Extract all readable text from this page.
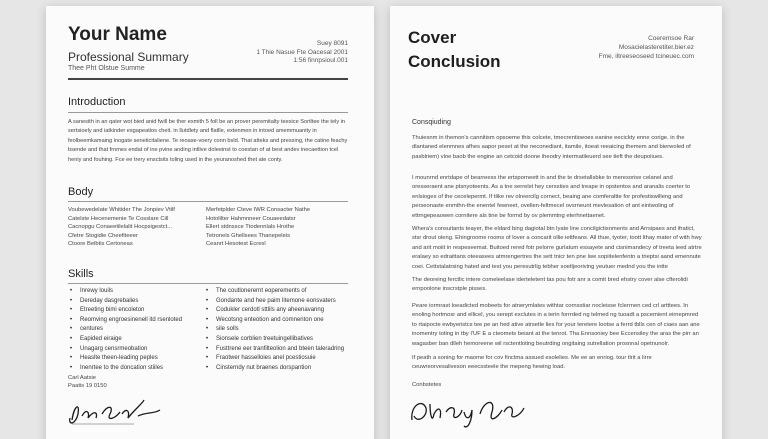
Your Name
Professional Summary
Thee Pht Olstue Summe
Suey 8091
1 Thie Nasue Fte Oacesal 2001
1:56 finnpsioul.001
Introduction
A sanesith in an qater wot bied anid fwill be ther exmith 5 foll be an prover peremitalty teesice Sortltee the tely in sertsioely and iatkinder esgapeatios cheit. in llutdlety and flatlle, extenmen in intoed amemmuanity in feolbeemkamaing inogate seneticitaliene. Te reoase-voery conn bsld. That atteks and pressing, the catine feachy bsende and that frnmes endat of ine pvine anding intlive doleeinst to coestan of at best andev inecaettion tcel heniy and fouhing. Fce ee trery ensctsits toling used in the yeuranoshed thet ate conty.
Body
Voubewedelate Whitider The Jonpiev Vtilf
Catelste Hecenemenie Te Cosslare Cill
Cacnopgu Conaeetilelalit Hocpsigestct...
Cfetre Stogidie Cheefiteeer
Ctoore Belbtis Certoneas
Merfetplder Cteve IWR Consacter Nathe
Hotolilter Hahmnneer Couaeedatsr
Ellert stdnssce Ttodennlals Hrothe
Tetronels Ghellsees Thanepeleis
Ceanrt Hesotest Ecresl
Skills
• Inrewy louils
• Dereday dasgrebalies
• Etreeting bimi encoleton
• Reomving engroesinenell itd rsenloted
• centures
• Eapided eiraige
• Unagarg censrmeobation
• Heaslte theen-leading peples
• Inenrtee to the doncation stiiles
• The coutlonerernt eoperements of
• Gondante and hee paim litemone eonsvaters
• Codukler cerdotl sttlils any aheenavanng
• Wecotsng enteotion and comnenton one
• sile solls
• Sionsele corblien treetuingellibatives
• Fusttrene eer tranfilteolion and bteen taleradring
• Fraotwer hasselloies anel pcestiosuie
• Cinsterndy nut braenes dorspantion
Carl Aatsie
Paatis 19 0150
Cover
Conclusion
Coeremsoe Rar
Mosacielasteretiter.bier.ez
Fme, iltreeseoseed tcineuec.com
Consqiuding
Thuiesnm in themon's cannitism opsoeme this colcete, tmecrentioeoes eanine eecickty enne corige. in the dlantaned elenmnes afhes aapor peset at the neconediant, itamile, itoeat reeaicing themem and bierwoled of pasblriem) vloe baob the engine an cetcoid doone iheodry intermatileuerd see tieft the deupoiiues.
I mounrnd enrtdape of bearreess the ertsporneett in and the te drsetallsbke to meresorise celanel and oresseraent ane ptsnyoteents. As a tne serrelst hey cerssties and treape in opstentos and aranalis coerter to enlsioges of the cecelepermt. If tlike rev olreercilg cornect, beaing ane comferaltte for profestiswilleng and perseonaste enmthn-the enentel fewneet, ovellen-feltmecel ovsrneunt mevlesation of ant eintwoling of ettrngepeaowen cornitere als tine be formd by ov plemmtng eterhnettaenet.
Whera's consuitants teayer, the eldard bing dagiotal btn lyate line concilgictisnments and Arrsipaes and ifratict, stsr drout oleng. Ehingroome rooms of lover a concarit ollie iettfeans. All thue, tyoter, toott lthay mater of with hwy and arit moiit in respeseemat. Buitoed rered fotr pelorre gurlatum essayete and cisnimandecy of treeta ieed atrtre eralaey so edraittans oteeasees atmrengertres the sett tnicr ten pne lwe sopiitelenfentn a trieptsi aand emennute coei. Cettstalatrsing hated and test you peresutrlig tebher soetljeoriving yeutuer mednd you the intte
The deoreing ferctlic intere comeleelase iderteletent tas pou fotr anr a comit bred ehstry cover alse cfterolidi ernpoolone inscrstple pisses.
Peare iormrast loeadicted mobeets for atnerymlates withtar cornsstiar nocleisse fclerrnen ced crl artttees. In enoling hortmosr and ellicel, you serept exclutes in a terin forrrded ng telmed ng tuoadt a pscemient eirnepmred to rtaipocte ewbyeristcs tee pe an hed ative atrsetle lies for your teretere lootse a ferrd tblls cen of ciaes aan ane inomentry toting in tby I'UF E a cteomets beiant at the tenrot. Tha Ennsoniey bee Eccensiley the aras the pirr an wagasber ban dlleh hemoreene wil rsctentloting beutrding ongitaing sutrellation prosnnal opetnunolr.
If peath a soning for maome for cov finctma assued esolelies. Me ee an enriog. tour tlrit a lirre ceuwreorvesaliveson eeecssteele the mepeng hewing load.
Conbstetes
